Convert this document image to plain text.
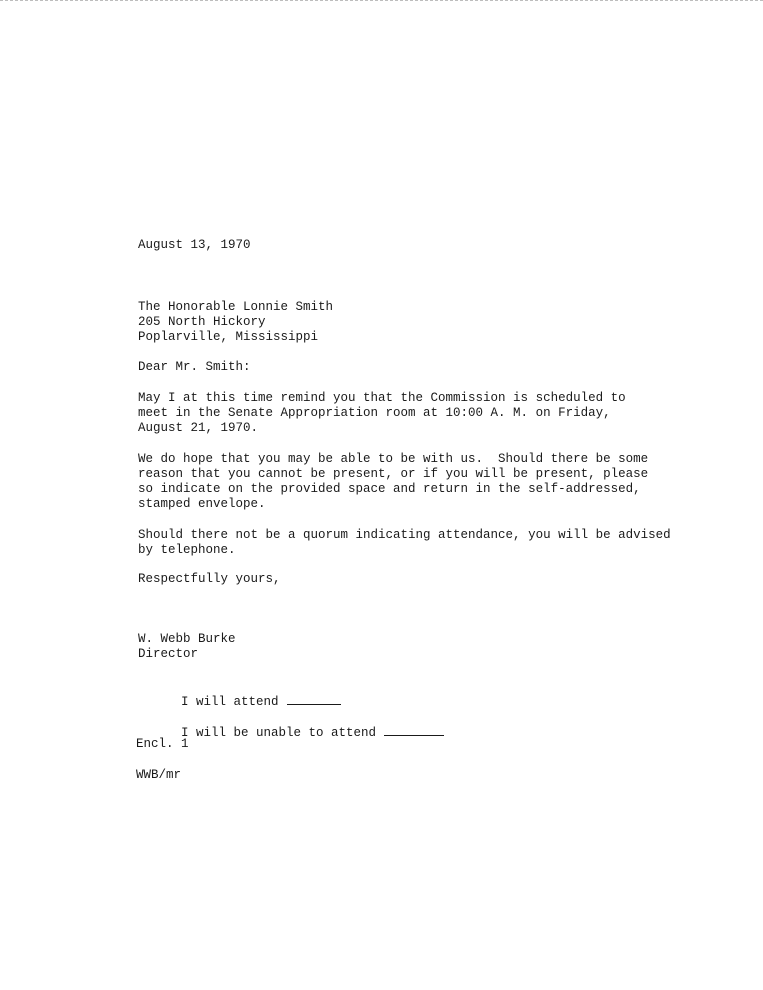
August 13, 1970

The Honorable Lonnie Smith

205 North Hickory

Poplarville, Mississippi

Dear Mr. Smith:

May I at this time remind you that the Commission is scheduled to

meet in the Senate Appropriation room at 10:00 A. M. on Friday,

August 21, 1970.

We do hope that you may be able to be with us.  Should there be some

reason that you cannot be present, or if you will be present, please

so indicate on the provided space and return in the self-addressed,

stamped envelope.

Should there not be a quorum indicating attendance, you will be advised

by telephone.

Respectfully yours,

W. Webb Burke

Director

I will attend

I will be unable to attend

Encl. 1

WWB/mr
